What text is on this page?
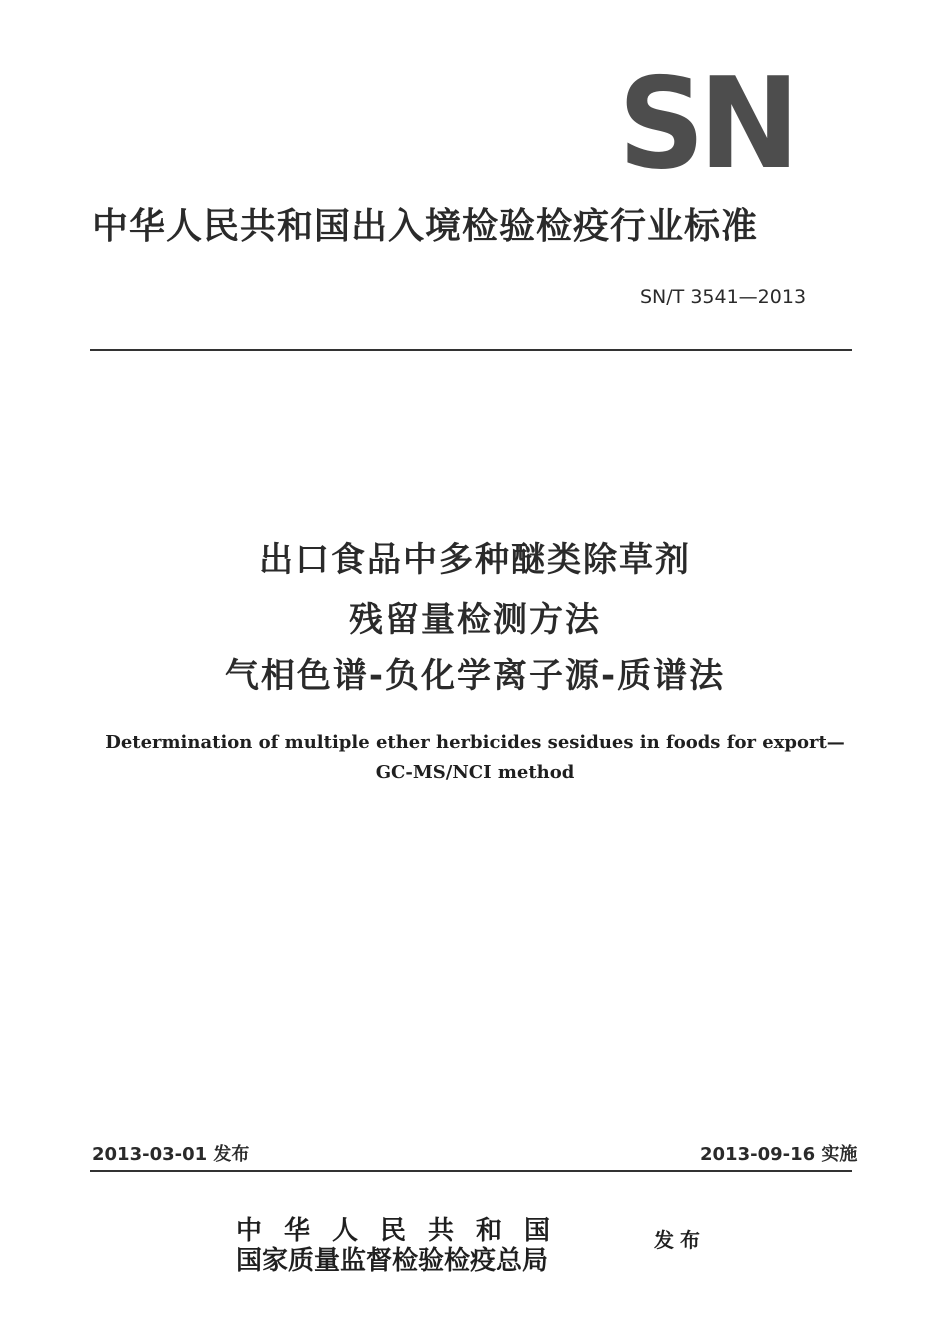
SN
中华人民共和国出入境检验检疫行业标准
SN/T 3541—2013
出口食品中多种醚类除草剂
残留量检测方法
气相色谱-负化学离子源-质谱法
Determination of multiple ether herbicides sesidues in foods for export—
GC-MS/NCI method
2013-03-01 发布	2013-09-16 实施
中华人民共和国
国家质量监督检验检疫总局
发布
